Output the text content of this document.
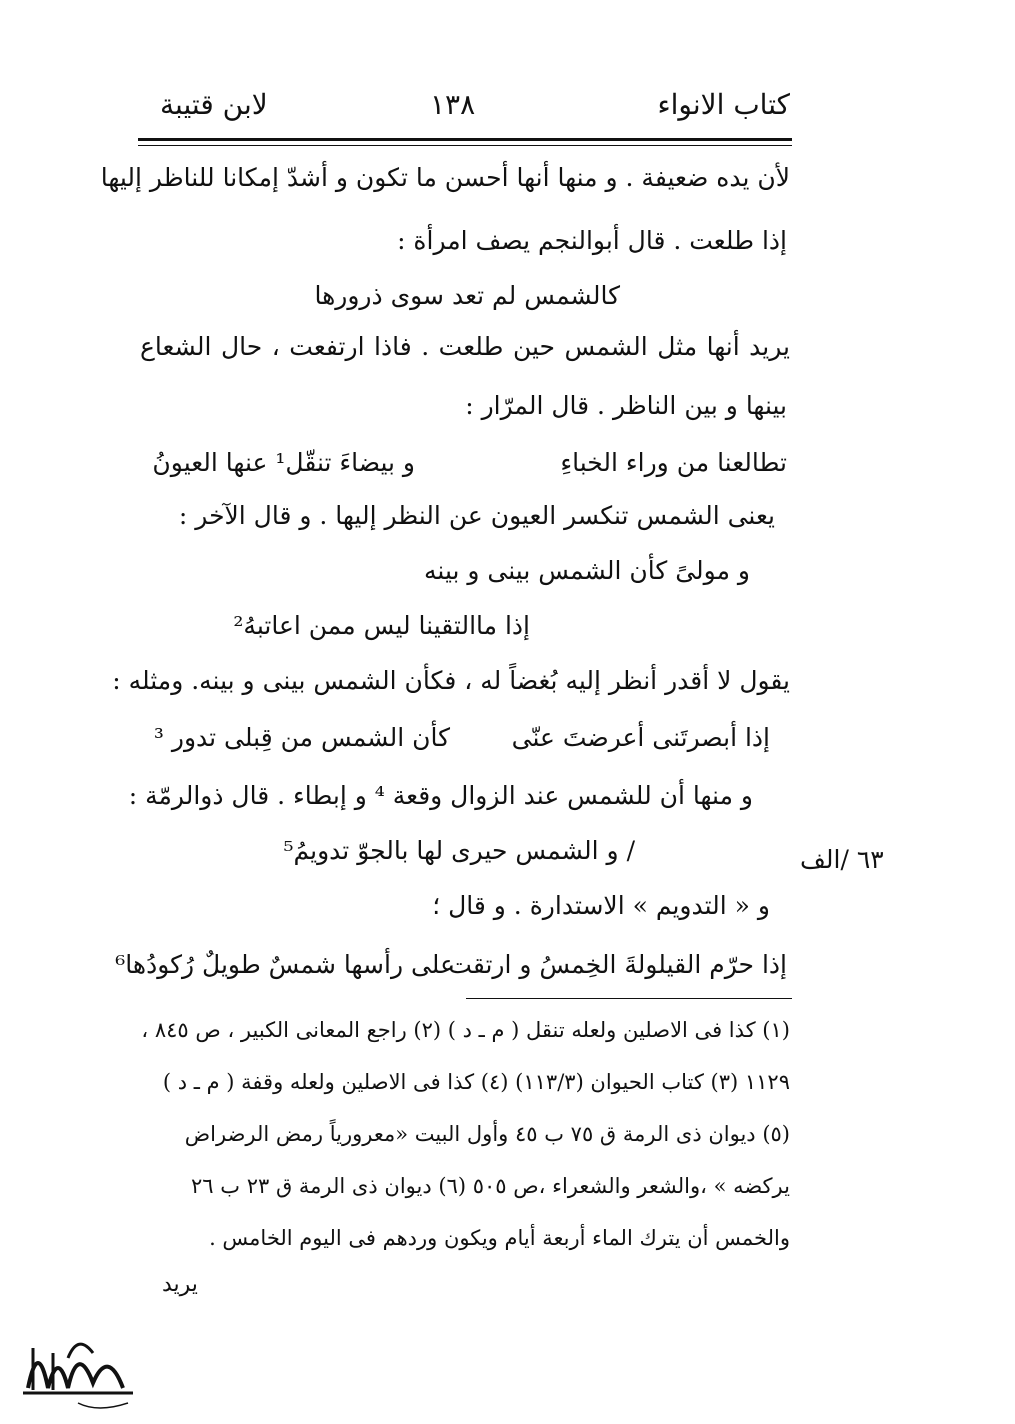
كتاب الانواء
١٣٨
لابن قتيبة
لأن يده ضعيفة . و منها أنها أحسن ما تكون و أشدّ إمكانا للناظر إليها
إذا طلعت . قال أبوالنجم يصف امرأة :
كالشمس لم تعد سوى ذرورها
يريد أنها مثل الشمس حين طلعت . فاذا ارتفعت ، حال الشعاع
بينها و بين الناظر . قال المرّار :
و بيضاءَ تنقّل¹ عنها العيونُ	تطالعنا من وراء الخباءِ
يعنى الشمس تنكسر العيون عن النظر إليها . و قال الآخر :
و مولىً كأن الشمس بينى و بينه
إذا ماالتقينا ليس ممن اعاتبهُ²
يقول لا أقدر أنظر إليه بُغضاً له ، فكأن الشمس بينى و بينه. ومثله :
إذا أبصرتَنى أعرضتَ عنّى
كأن الشمس من قِبلى تدور ³
و منها أن للشمس عند الزوال وقعة ⁴ و إبطاء . قال ذوالرمّة :
/ و الشمس حيرى لها بالجوّ تدويمُ⁵	٦٣ /الف
و « التدويم » الاستدارة . و قال ؛
إذا حرّم القيلولةَ الخِمسُ و ارتقت
على رأسها شمسٌ طويلٌ رُكودُها⁶
(١) كذا فى الاصلين ولعله تنقل ( م ـ د ) (٢) راجع المعانى الكبير ، ص ٨٤٥ ،
١١٢٩ (٣) كتاب الحيوان (١١٣/٣) (٤) كذا فى الاصلين ولعله وقفة ( م ـ د )
(٥) ديوان ذى الرمة ق ٧٥ ب ٤٥ وأول البيت «معرورياً رمض الرضراض
يركضه » ،والشعر والشعراء ،ص ٥٠٥ (٦) ديوان ذى الرمة ق ٢٣ ب ٢٦
والخمس أن يترك الماء أربعة أيام ويكون وردهم فى اليوم الخامس .
يريد
